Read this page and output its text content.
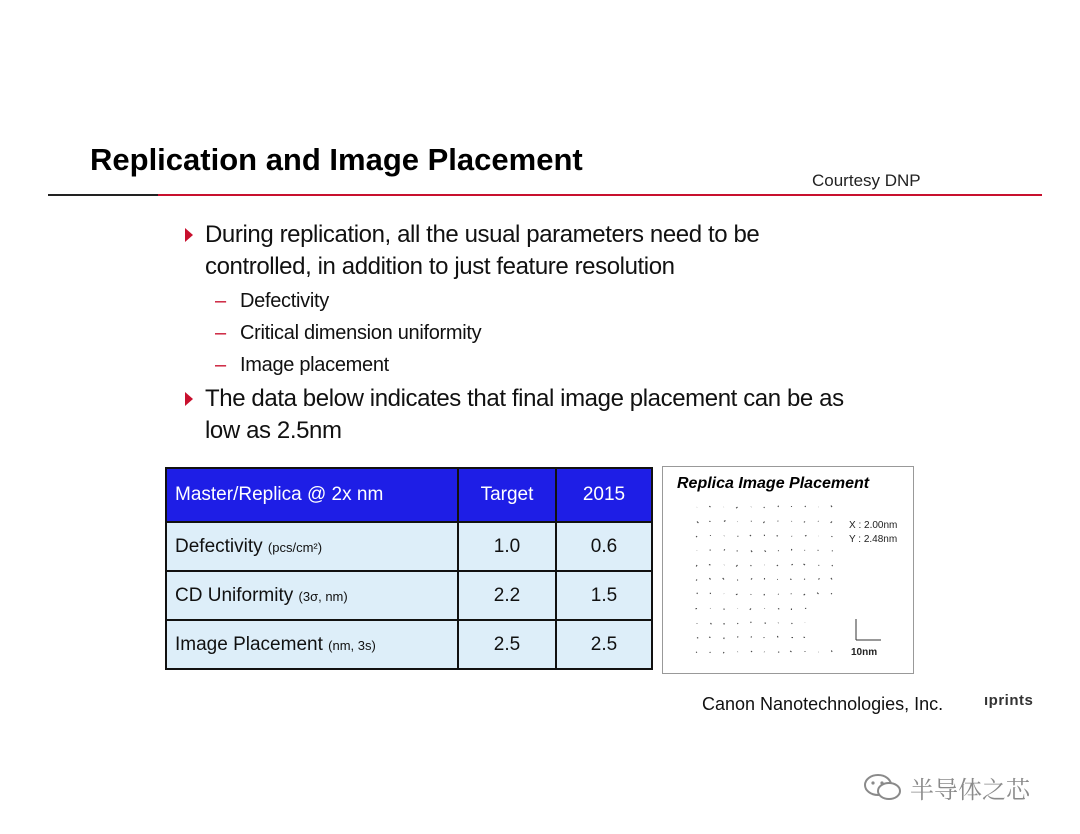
Replication and Image Placement
Courtesy DNP
During replication, all the usual parameters need to be
controlled, in addition to just feature resolution
– Defectivity
– Critical dimension uniformity
– Image placement
The data below indicates that final image placement can be as
low as 2.5nm
Master/Replica @ 2x nm	Target	2015
Defectivity (pcs/cm²)	1.0	0.6
CD Uniformity (3σ, nm)	2.2	1.5
Image Placement (nm, 3s)	2.5	2.5
Replica Image Placement
X : 2.00nm
Y : 2.48nm
10nm
Canon Nanotechnologies, Inc.	ıprints
半导体之芯
